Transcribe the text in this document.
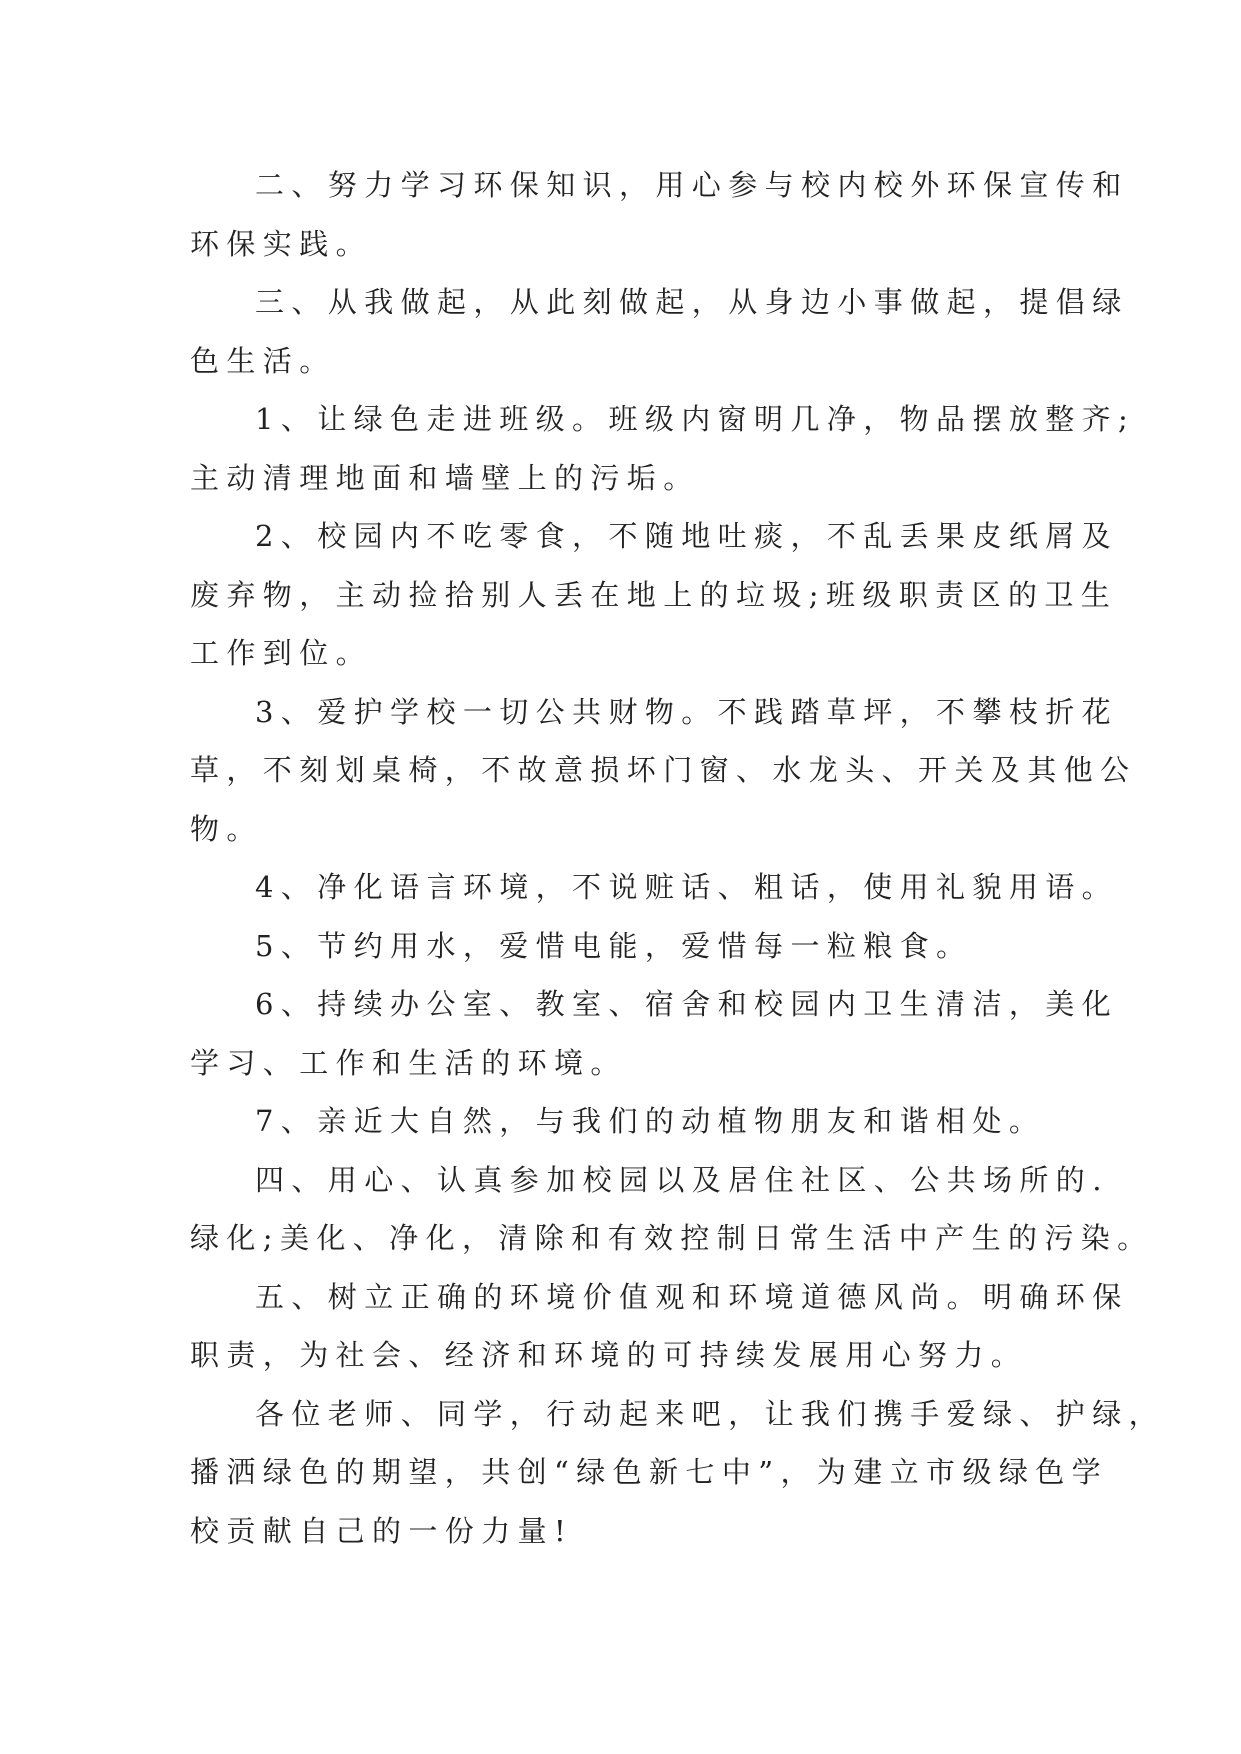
二、努力学习环保知识，用心参与校内校外环保宣传和
环保实践。

三、从我做起，从此刻做起，从身边小事做起，提倡绿
色生活。

1、让绿色走进班级。班级内窗明几净，物品摆放整齐;
主动清理地面和墙壁上的污垢。

2、校园内不吃零食，不随地吐痰，不乱丢果皮纸屑及
废弃物，主动捡拾别人丢在地上的垃圾;班级职责区的卫生
工作到位。

3、爱护学校一切公共财物。不践踏草坪，不攀枝折花
草，不刻划桌椅，不故意损坏门窗、水龙头、开关及其他公
物。

4、净化语言环境，不说赃话、粗话，使用礼貌用语。

5、节约用水，爱惜电能，爱惜每一粒粮食。

6、持续办公室、教室、宿舍和校园内卫生清洁，美化
学习、工作和生活的环境。

7、亲近大自然，与我们的动植物朋友和谐相处。

四、用心、认真参加校园以及居住社区、公共场所的.
绿化;美化、净化，清除和有效控制日常生活中产生的污染。

五、树立正确的环境价值观和环境道德风尚。明确环保
职责，为社会、经济和环境的可持续发展用心努力。

各位老师、同学，行动起来吧，让我们携手爱绿、护绿，
播洒绿色的期望，共创“绿色新七中”，为建立市级绿色学
校贡献自己的一份力量!
